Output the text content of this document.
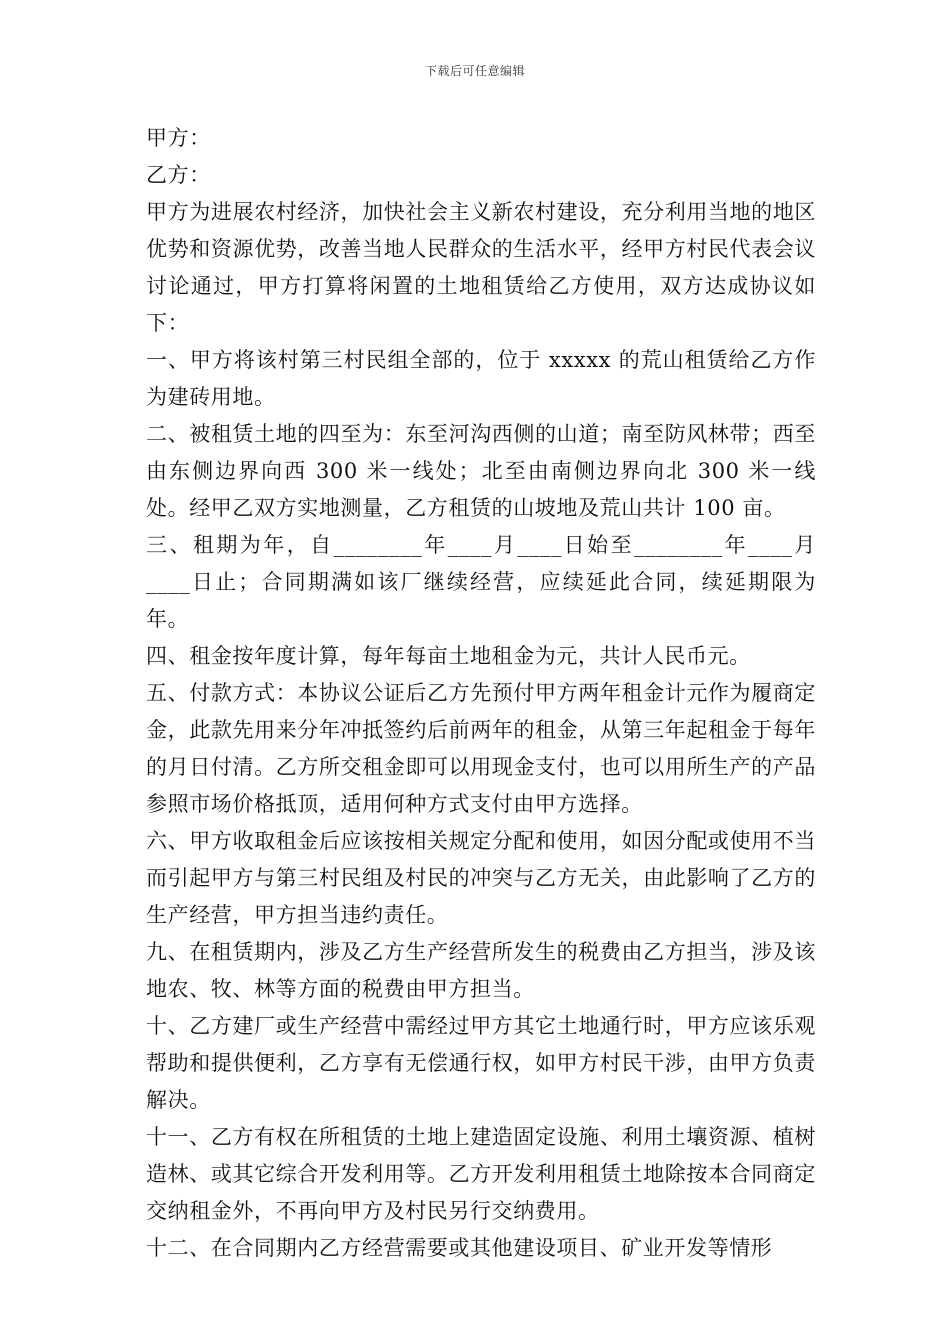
下载后可任意编辑

甲方：

乙方：

甲方为进展农村经济，加快社会主义新农村建设，充分利用当地的地区优势和资源优势，改善当地人民群众的生活水平，经甲方村民代表会议讨论通过，甲方打算将闲置的土地租赁给乙方使用，双方达成协议如下：

一、甲方将该村第三村民组全部的，位于 xxxxx 的荒山租赁给乙方作为建砖用地。

二、被租赁土地的四至为：东至河沟西侧的山道；南至防风林带；西至由东侧边界向西 300 米一线处；北至由南侧边界向北 300 米一线处。经甲乙双方实地测量，乙方租赁的山坡地及荒山共计 100 亩。

三、租期为年，自________年____月____日始至________年____月____日止；合同期满如该厂继续经营，应续延此合同，续延期限为年。

四、租金按年度计算，每年每亩土地租金为元，共计人民币元。

五、付款方式：本协议公证后乙方先预付甲方两年租金计元作为履商定金，此款先用来分年冲抵签约后前两年的租金，从第三年起租金于每年的月日付清。乙方所交租金即可以用现金支付，也可以用所生产的产品参照市场价格抵顶，适用何种方式支付由甲方选择。

六、甲方收取租金后应该按相关规定分配和使用，如因分配或使用不当而引起甲方与第三村民组及村民的冲突与乙方无关，由此影响了乙方的生产经营，甲方担当违约责任。

九、在租赁期内，涉及乙方生产经营所发生的税费由乙方担当，涉及该地农、牧、林等方面的税费由甲方担当。

十、乙方建厂或生产经营中需经过甲方其它土地通行时，甲方应该乐观帮助和提供便利，乙方享有无偿通行权，如甲方村民干涉，由甲方负责解决。

十一、乙方有权在所租赁的土地上建造固定设施、利用土壤资源、植树造林、或其它综合开发利用等。乙方开发利用租赁土地除按本合同商定交纳租金外，不再向甲方及村民另行交纳费用。

十二、在合同期内乙方经营需要或其他建设项目、矿业开发等情形
